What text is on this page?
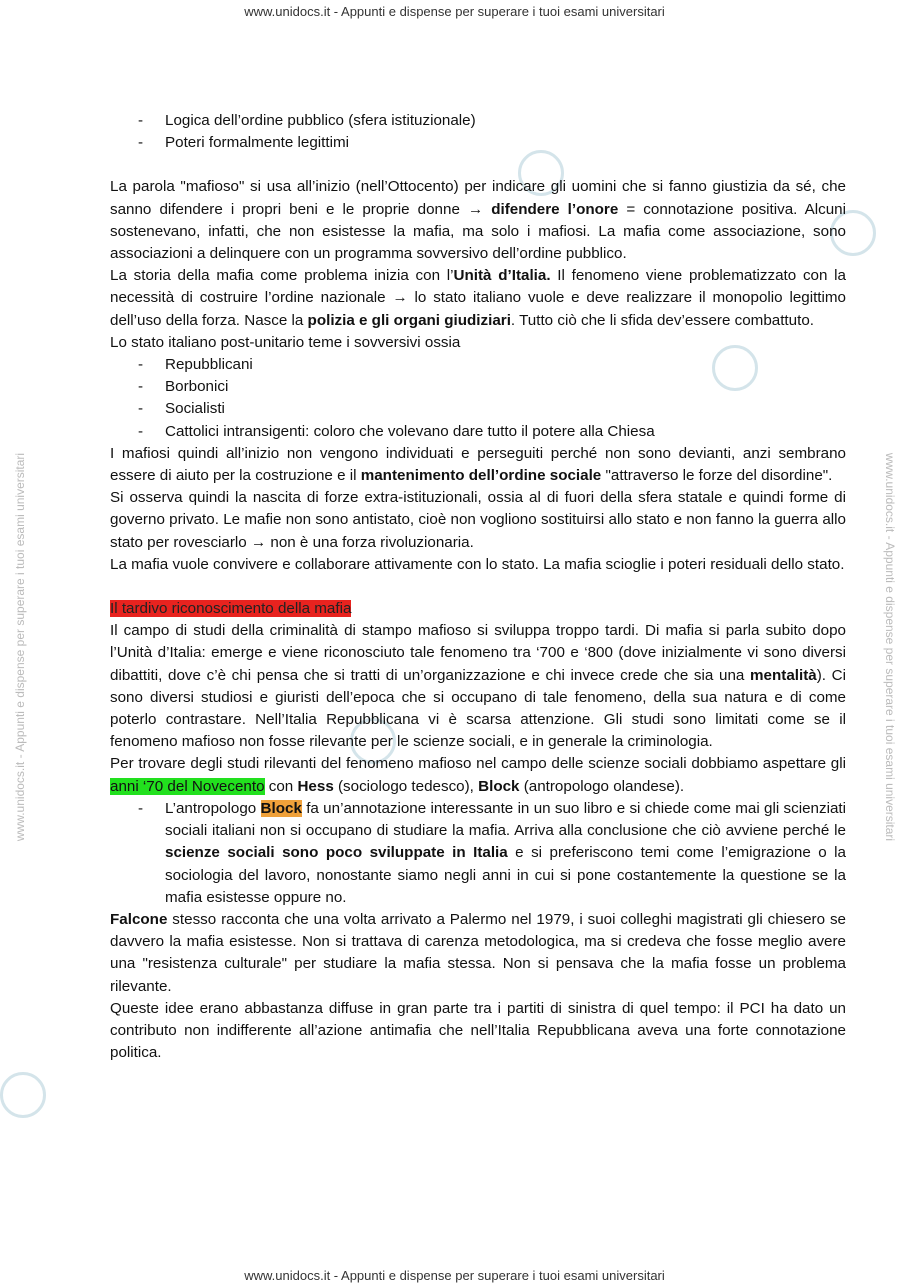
www.unidocs.it - Appunti e dispense per superare i tuoi esami universitari
www.unidocs.it - Appunti e dispense per superare i tuoi esami universitari
www.unidocs.it - Appunti e dispense per superare i tuoi esami universitari	www.unidocs.it - Appunti e dispense per superare i tuoi esami universitari
- Logica dell’ordine pubblico (sfera istituzionale)
- Poteri formalmente legittimi

La parola "mafioso" si usa all’inizio (nell’Ottocento) per indicare gli uomini che si fanno giustizia da sé, che sanno difendere i propri beni e le proprie donne → difendere l’onore = connotazione positiva. Alcuni sostenevano, infatti, che non esistesse la mafia, ma solo i mafiosi. La mafia come associazione, sono associazioni a delinquere con un programma sovversivo dell’ordine pubblico.

La storia della mafia come problema inizia con l’Unità d’Italia. Il fenomeno viene problematizzato con la necessità di costruire l’ordine nazionale → lo stato italiano vuole e deve realizzare il monopolio legittimo dell’uso della forza. Nasce la polizia e gli organi giudiziari. Tutto ciò che li sfida dev’essere combattuto.

Lo stato italiano post-unitario teme i sovversivi ossia

- Repubblicani
- Borbonici
- Socialisti
- Cattolici intransigenti: coloro che volevano dare tutto il potere alla Chiesa

I mafiosi quindi all’inizio non vengono individuati e perseguiti perché non sono devianti, anzi sembrano essere di aiuto per la costruzione e il mantenimento dell’ordine sociale "attraverso le forze del disordine".

Si osserva quindi la nascita di forze extra-istituzionali, ossia al di fuori della sfera statale e quindi forme di governo privato. Le mafie non sono antistato, cioè non vogliono sostituirsi allo stato e non fanno la guerra allo stato per rovesciarlo → non è una forza rivoluzionaria.

La mafia vuole convivere e collaborare attivamente con lo stato. La mafia scioglie i poteri residuali dello stato.

Il tardivo riconoscimento della mafia

Il campo di studi della criminalità di stampo mafioso si sviluppa troppo tardi. Di mafia si parla subito dopo l’Unità d’Italia: emerge e viene riconosciuto tale fenomeno tra ‘700 e ‘800 (dove inizialmente vi sono diversi dibattiti, dove c’è chi pensa che si tratti di un’organizzazione e chi invece crede che sia una mentalità). Ci sono diversi studiosi e giuristi dell’epoca che si occupano di tale fenomeno, della sua natura e di come poterlo contrastare. Nell’Italia Repubblicana vi è scarsa attenzione. Gli studi sono limitati come se il fenomeno mafioso non fosse rilevante per le scienze sociali, e in generale la criminologia.

Per trovare degli studi rilevanti del fenomeno mafioso nel campo delle scienze sociali dobbiamo aspettare gli anni ‘70 del Novecento con Hess (sociologo tedesco), Block (antropologo olandese).

- L’antropologo Block fa un’annotazione interessante in un suo libro e si chiede come mai gli scienziati sociali italiani non si occupano di studiare la mafia. Arriva alla conclusione che ciò avviene perché le scienze sociali sono poco sviluppate in Italia e si preferiscono temi come l’emigrazione o la sociologia del lavoro, nonostante siamo negli anni in cui si pone costantemente la questione se la mafia esistesse oppure no.

Falcone stesso racconta che una volta arrivato a Palermo nel 1979, i suoi colleghi magistrati gli chiesero se davvero la mafia esistesse. Non si trattava di carenza metodologica, ma si credeva che fosse meglio avere una "resistenza culturale" per studiare la mafia stessa. Non si pensava che la mafia fosse un problema rilevante.

Queste idee erano abbastanza diffuse in gran parte tra i partiti di sinistra di quel tempo: il PCI ha dato un contributo non indifferente all’azione antimafia che nell’Italia Repubblicana aveva una forte connotazione politica.
